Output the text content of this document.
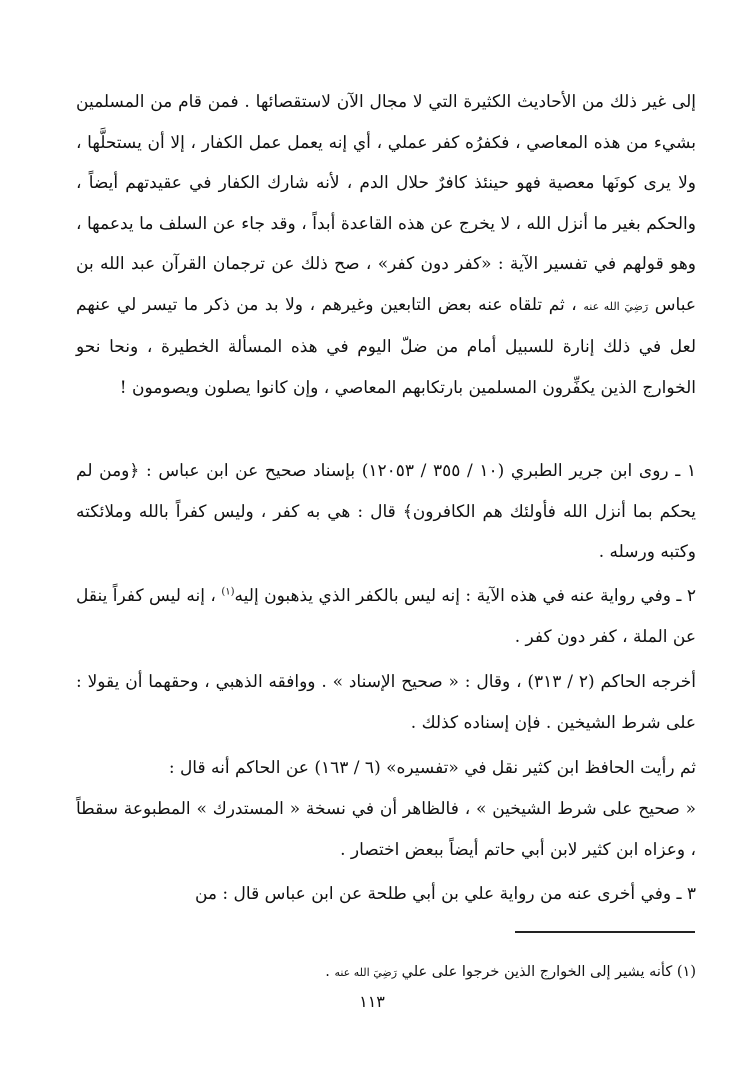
إلى غير ذلك من الأحاديث الكثيرة التي لا مجال الآن لاستقصائها . فمن قام من المسلمين بشيء من هذه المعاصي ، فكفرُه كفر عملي ، أي إنه يعمل عمل الكفار ، إلا أن يستحلَّها ، ولا يرى كونَها معصية فهو حينئذ كافرٌ حلال الدم ، لأنه شارك الكفار في عقيدتهم أيضاً ، والحكم بغير ما أنزل الله ، لا يخرج عن هذه القاعدة أبداً ، وقد جاء عن السلف ما يدعمها ، وهو قولهم في تفسير الآية : «كفر دون كفر» ، صح ذلك عن ترجمان القرآن عبد الله بن عباس رَضِيَ الله عنه ، ثم تلقاه عنه بعض التابعين وغيرهم ، ولا بد من ذكر ما تيسر لي عنهم لعل في ذلك إنارة للسبيل أمام من ضلّ اليوم في هذه المسألة الخطيرة ، ونحا نحو الخوارج الذين يكفِّرون المسلمين بارتكابهم المعاصي ، وإن كانوا يصلون ويصومون !

١ ـ روى ابن جرير الطبري (١٠ / ٣٥٥ / ١٢٠٥٣) بإسناد صحيح عن ابن عباس : ﴿ومن لم يحكم بما أنزل الله فأولئك هم الكافرون﴾ قال : هي به كفر ، وليس كفراً بالله وملائكته وكتبه ورسله .

٢ ـ وفي رواية عنه في هذه الآية : إنه ليس بالكفر الذي يذهبون إليه$^{(١)}$ ، إنه ليس كفراً ينقل عن الملة ، كفر دون كفر .

أخرجه الحاكم (٢ / ٣١٣) ، وقال : « صحيح الإسناد » . ووافقه الذهبي ، وحقهما أن يقولا : على شرط الشيخين . فإن إسناده كذلك .

ثم رأيت الحافظ ابن كثير نقل في «تفسيره» (٦ / ١٦٣) عن الحاكم أنه قال :

« صحيح على شرط الشيخين » ، فالظاهر أن في نسخة « المستدرك » المطبوعة سقطاً ، وعزاه ابن كثير لابن أبي حاتم أيضاً ببعض اختصار .

٣ ـ وفي أخرى عنه من رواية علي بن أبي طلحة عن ابن عباس قال : من

(١) كأنه يشير إلى الخوارج الذين خرجوا على علي رَضِيَ الله عنه .

١١٣
